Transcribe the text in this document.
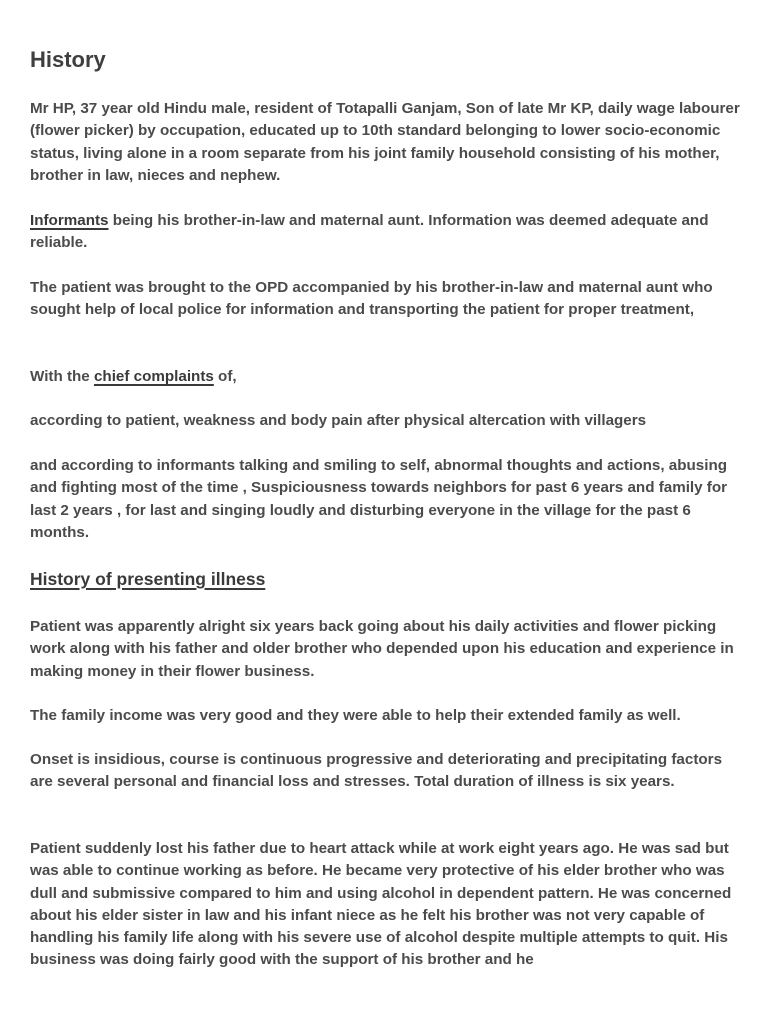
History

Mr HP, 37 year old Hindu male, resident of Totapalli Ganjam, Son of late Mr KP, daily wage labourer (flower picker) by occupation, educated up to 10th standard belonging to lower socio-economic status, living alone in a room separate from his joint family household consisting of his mother, brother in law, nieces and nephew.

Informants being his brother-in-law and maternal aunt. Information was deemed adequate and reliable.

The patient was brought to the OPD accompanied by his brother-in-law and maternal aunt who sought help of local police for information and transporting the patient for proper treatment,

With the chief complaints of,

according to patient, weakness and body pain after physical altercation with villagers

and according to informants talking and smiling to self, abnormal thoughts and actions, abusing and fighting most of the time , Suspiciousness towards neighbors for past 6 years and family for last 2 years , for last and singing loudly and disturbing everyone in the village for the past 6 months.

History of presenting illness

Patient was apparently alright six years back going about his daily activities and flower picking work along with his father and older brother who depended upon his education and experience in making money in their flower business.

The family income was very good and they were able to help their extended family as well.

Onset is insidious, course is continuous progressive and deteriorating and precipitating factors are several personal and financial loss and stresses. Total duration of illness is six years.

Patient suddenly lost his father due to heart attack while at work eight years ago. He was sad but was able to continue working as before. He became very protective of his elder brother who was dull and submissive compared to him and using alcohol in dependent pattern. He was concerned about his elder sister in law and his infant niece as he felt his brother was not very capable of handling his family life along with his severe use of alcohol despite multiple attempts to quit. His business was doing fairly good with the support of his brother and he
